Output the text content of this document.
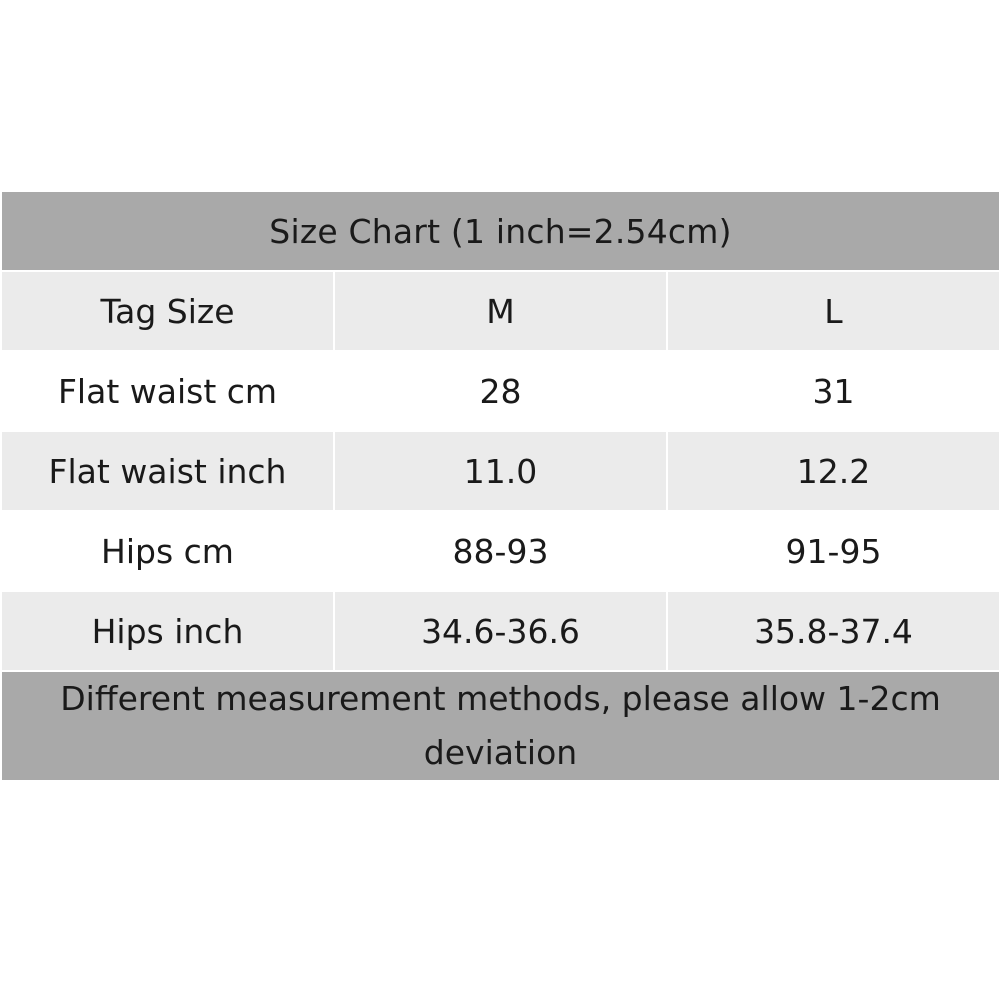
Size Chart (1 inch=2.54cm)		
Tag Size	M	L
Flat waist cm	28	31
Flat waist inch	11.0	12.2
Hips cm	88-93	91-95
Hips inch	34.6-36.6	35.8-37.4
Different measurement methods, please allow 1-2cm deviation		
